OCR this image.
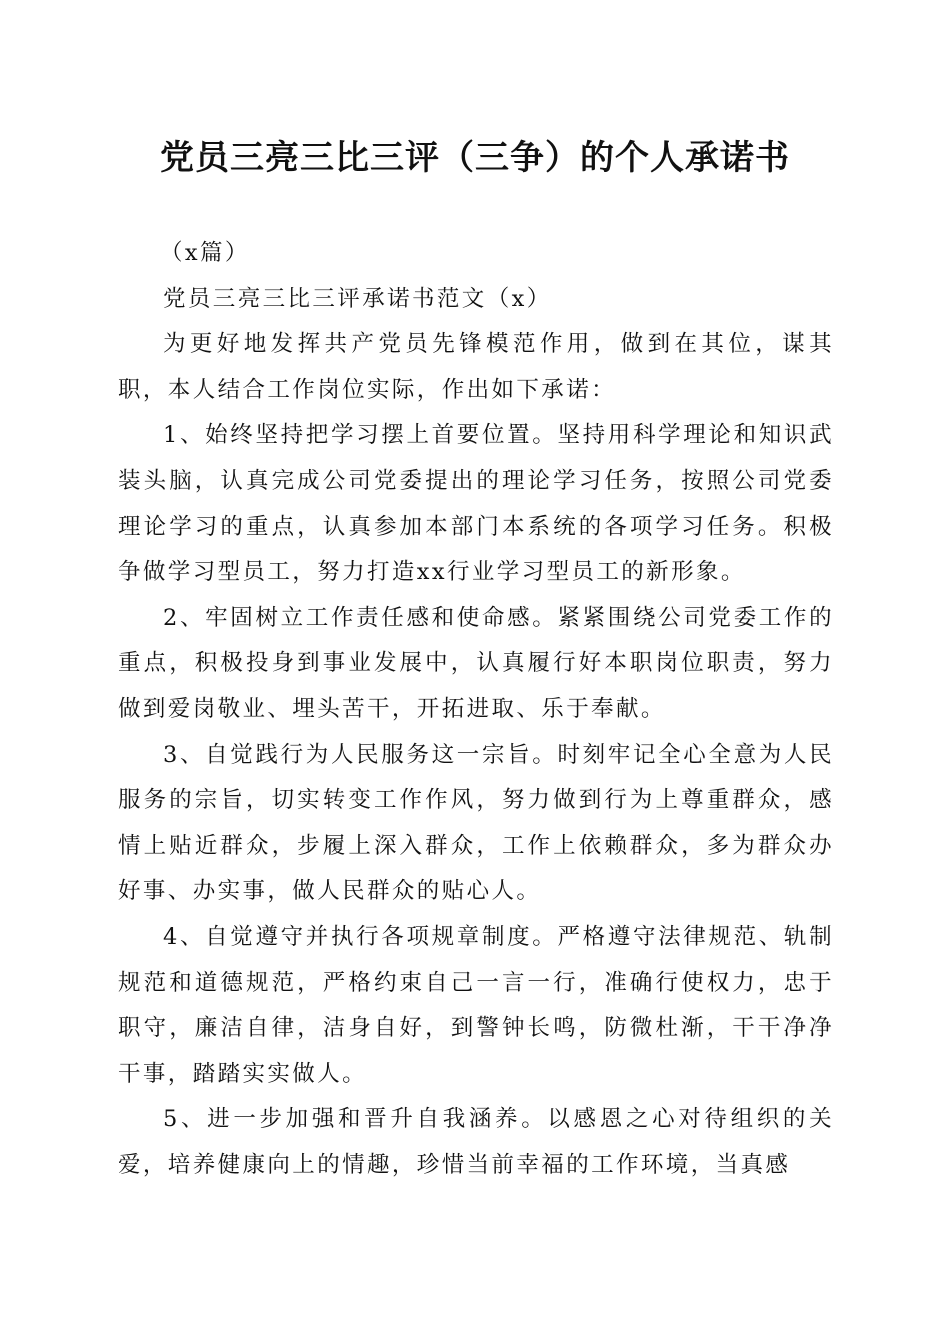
党员三亮三比三评（三争）的个人承诺书

（x篇）

党员三亮三比三评承诺书范文（x）

为更好地发挥共产党员先锋模范作用，做到在其位，谋其职，本人结合工作岗位实际，作出如下承诺：

1、始终坚持把学习摆上首要位置。坚持用科学理论和知识武装头脑，认真完成公司党委提出的理论学习任务，按照公司党委理论学习的重点，认真参加本部门本系统的各项学习任务。积极争做学习型员工，努力打造xx行业学习型员工的新形象。

2、牢固树立工作责任感和使命感。紧紧围绕公司党委工作的重点，积极投身到事业发展中，认真履行好本职岗位职责，努力做到爱岗敬业、埋头苦干，开拓进取、乐于奉献。

3、自觉践行为人民服务这一宗旨。时刻牢记全心全意为人民服务的宗旨，切实转变工作作风，努力做到行为上尊重群众，感情上贴近群众，步履上深入群众，工作上依赖群众，多为群众办好事、办实事，做人民群众的贴心人。

4、自觉遵守并执行各项规章制度。严格遵守法律规范、轨制规范和道德规范，严格约束自己一言一行，准确行使权力，忠于职守，廉洁自律，洁身自好，到警钟长鸣，防微杜渐，干干净净干事，踏踏实实做人。

5、进一步加强和晋升自我涵养。以感恩之心对待组织的关爱，培养健康向上的情趣，珍惜当前幸福的工作环境，当真感
